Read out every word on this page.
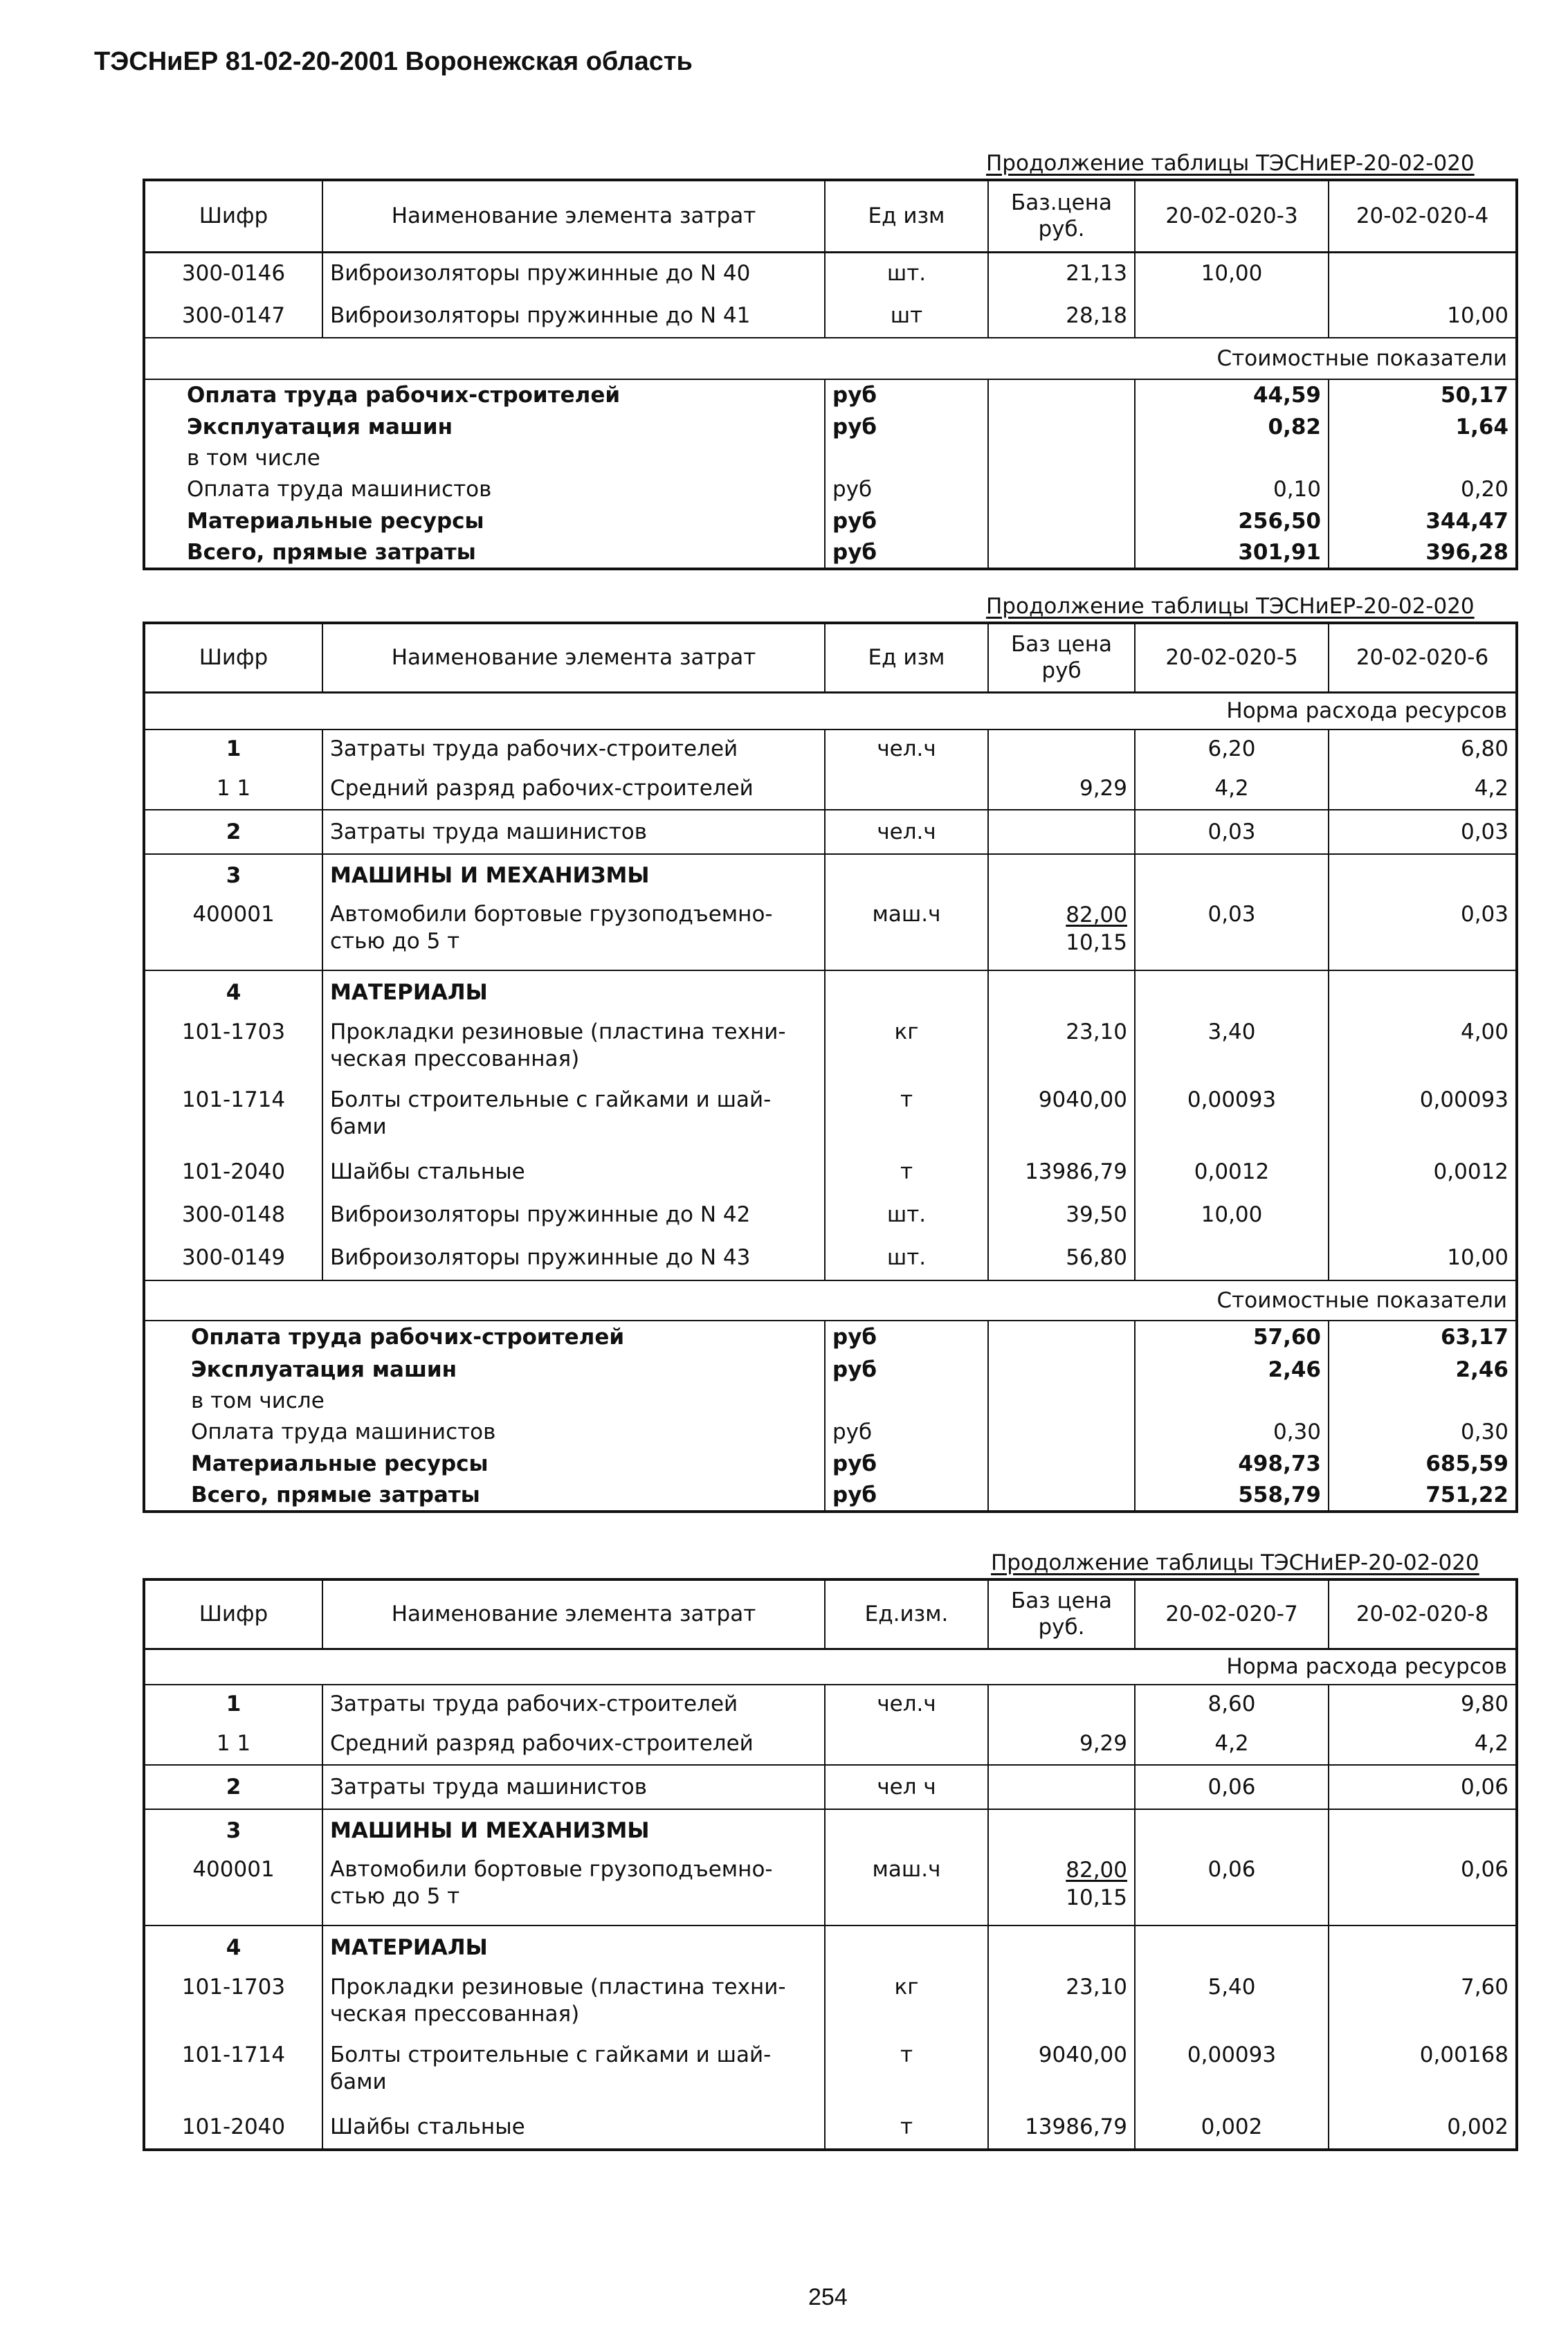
ТЭСНиЕР 81-02-20-2001 Воронежская область
Продолжение таблицы ТЭСНиЕР-20-02-020
Шифр	Наименование элемента затрат	Ед изм	Баз.цена руб.	20-02-020-3	20-02-020-4
300-0146	Виброизоляторы пружинные до N 40	шт.	21,13	10,00	
300-0147	Виброизоляторы пружинные до N 41	шт	28,18		10,00
Стоимостные показатели					
Оплата труда рабочих-строителей		руб		44,59	50,17
Эксплуатация машин		руб		0,82	1,64
в том числе					
Оплата труда машинистов		руб		0,10	0,20
Материальные ресурсы		руб		256,50	344,47
Всего, прямые затраты		руб		301,91	396,28
Продолжение таблицы ТЭСНиЕР-20-02-020
Шифр	Наименование элемента затрат	Ед изм	Баз цена руб	20-02-020-5	20-02-020-6
Норма расхода ресурсов					
1	Затраты труда рабочих-строителей	чел.ч		6,20	6,80
1 1	Средний разряд рабочих-строителей		9,29	4,2	4,2
2	Затраты труда машинистов	чел.ч		0,03	0,03
3	МАШИНЫ И МЕХАНИЗМЫ				
400001	Автомобили бортовые грузоподъемно-
стью до 5 т	маш.ч	$\frac{82,00}{10,15}$	0,03	0,03
4	МАТЕРИАЛЫ				
101-1703	Прокладки резиновые (пластина техни-
ческая прессованная)	кг	23,10	3,40	4,00
101-1714	Болты строительные с гайками и шай-
бами	т	9040,00	0,00093	0,00093
101-2040	Шайбы стальные	т	13986,79	0,0012	0,0012
300-0148	Виброизоляторы пружинные до N 42	шт.	39,50	10,00	
300-0149	Виброизоляторы пружинные до N 43	шт.	56,80		10,00
Стоимостные показатели					
Оплата труда рабочих-строителей		руб		57,60	63,17
Эксплуатация машин		руб		2,46	2,46
в том числе					
Оплата труда машинистов		руб		0,30	0,30
Материальные ресурсы		руб		498,73	685,59
Всего, прямые затраты		руб		558,79	751,22
Продолжение таблицы ТЭСНиЕР-20-02-020
Шифр	Наименование элемента затрат	Ед.изм.	Баз цена руб.	20-02-020-7	20-02-020-8
Норма расхода ресурсов					
1	Затраты труда рабочих-строителей	чел.ч		8,60	9,80
1 1	Средний разряд рабочих-строителей		9,29	4,2	4,2
2	Затраты труда машинистов	чел ч		0,06	0,06
3	МАШИНЫ И МЕХАНИЗМЫ				
400001	Автомобили бортовые грузоподъемно-
стью до 5 т	маш.ч	$\frac{82,00}{10,15}$	0,06	0,06
4	МАТЕРИАЛЫ				
101-1703	Прокладки резиновые (пластина техни-
ческая прессованная)	кг	23,10	5,40	7,60
101-1714	Болты строительные с гайками и шай-
бами	т	9040,00	0,00093	0,00168
101-2040	Шайбы стальные	т	13986,79	0,002	0,002
254
